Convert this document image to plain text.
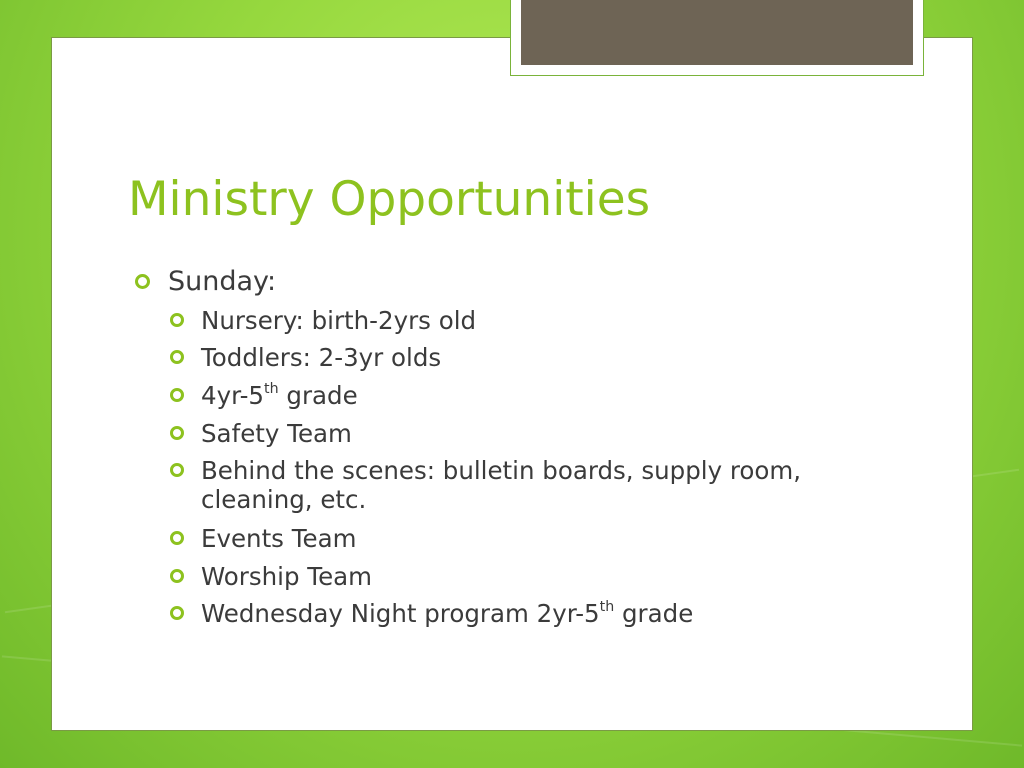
Ministry Opportunities
Sunday:
Nursery: birth-2yrs old
Toddlers: 2-3yr olds
4yr-5th grade
Safety Team
Behind the scenes: bulletin boards, supply room,
cleaning, etc.
Events Team
Worship Team
Wednesday Night program 2yr-5th grade
